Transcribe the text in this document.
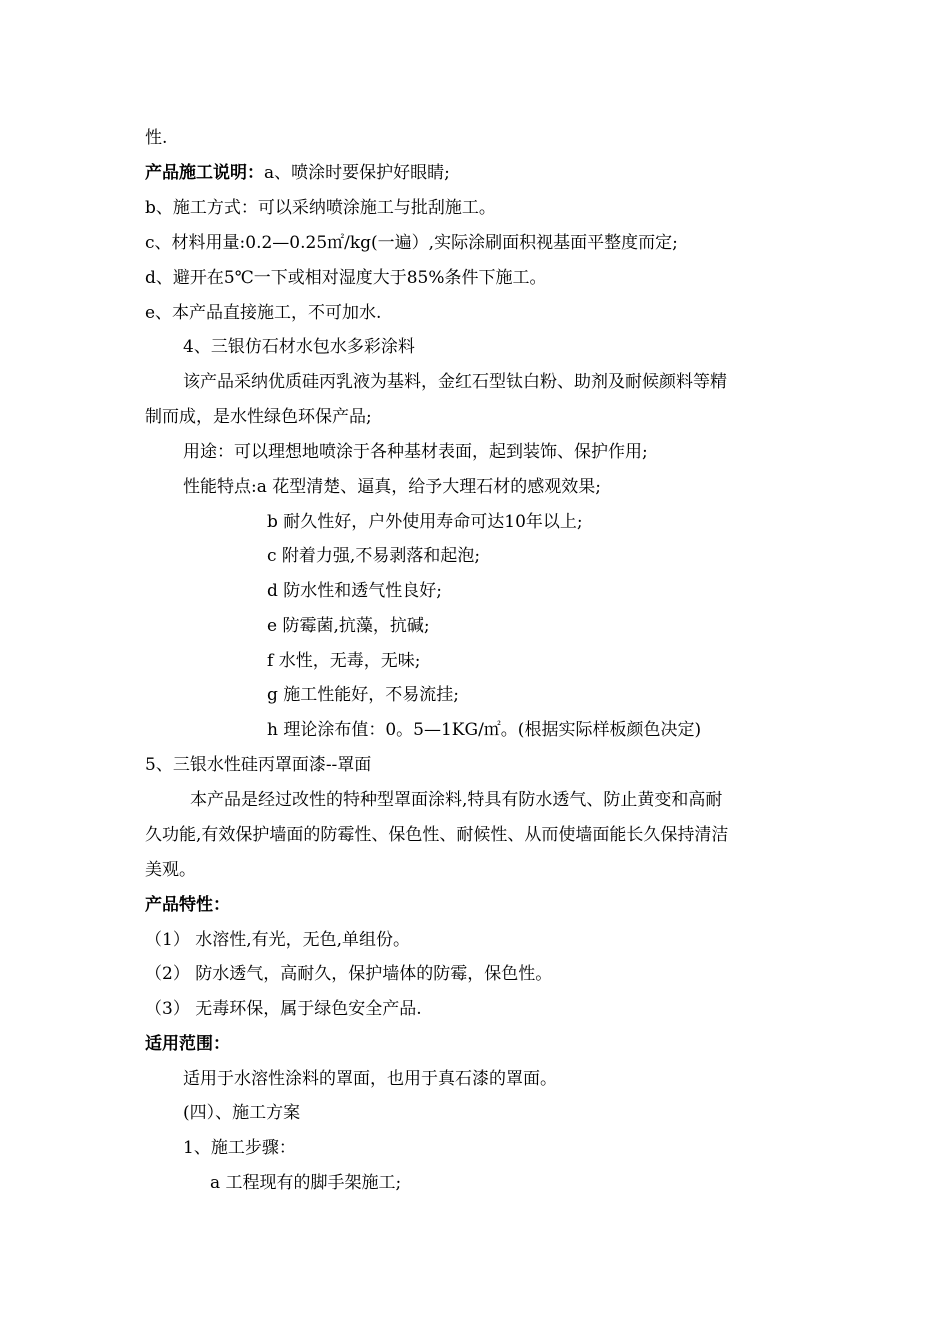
性.
产品施工说明：a、喷涂时要保护好眼睛;
b、施工方式：可以采纳喷涂施工与批刮施工。
c、材料用量:0.2—0.25㎡/kg(一遍）,实际涂刷面积视基面平整度而定;
d、避开在5℃一下或相对湿度大于85%条件下施工。
e、本产品直接施工，不可加水.
4、三银仿石材水包水多彩涂料
该产品采纳优质硅丙乳液为基料，金红石型钛白粉、助剂及耐候颜料等精
制而成，是水性绿色环保产品;
用途：可以理想地喷涂于各种基材表面，起到装饰、保护作用;
性能特点:a 花型清楚、逼真，给予大理石材的感观效果;
b 耐久性好，户外使用寿命可达10年以上;
c 附着力强,不易剥落和起泡;
d 防水性和透气性良好;
e 防霉菌,抗藻，抗碱;
f 水性，无毒，无味;
g 施工性能好，不易流挂;
h 理论涂布值：0。5—1KG/㎡。(根据实际样板颜色决定)
5、三银水性硅丙罩面漆--罩面
本产品是经过改性的特种型罩面涂料,特具有防水透气、防止黄变和高耐
久功能,有效保护墙面的防霉性、保色性、耐候性、从而使墙面能长久保持清洁
美观。
产品特性：
（1） 水溶性,有光，无色,单组份。
（2） 防水透气，高耐久，保护墙体的防霉，保色性。
（3） 无毒环保，属于绿色安全产品.
适用范围：
适用于水溶性涂料的罩面，也用于真石漆的罩面。
(四）、施工方案
1、施工步骤：
a 工程现有的脚手架施工;
